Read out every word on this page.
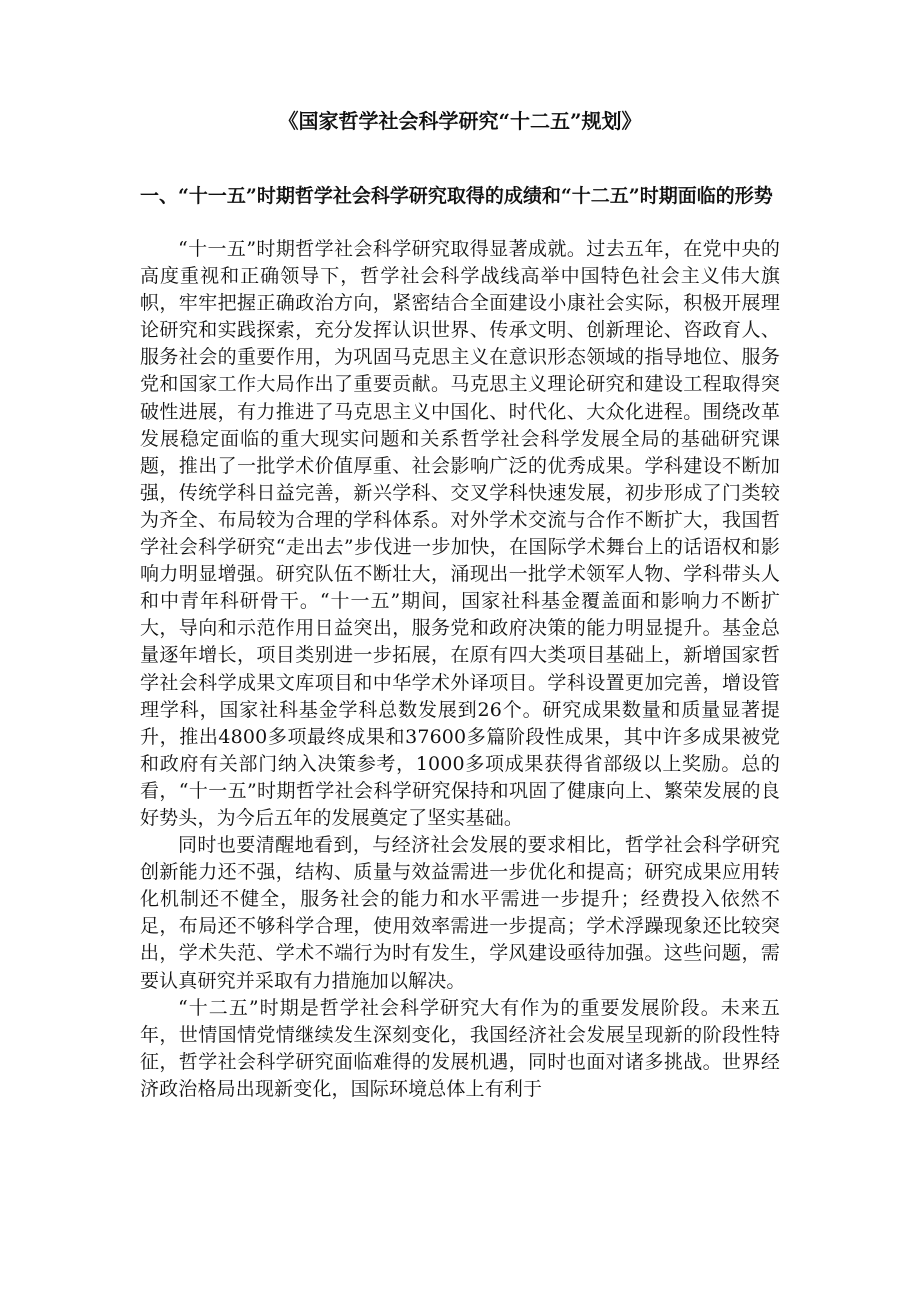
《国家哲学社会科学研究“十二五”规划》
一、“十一五”时期哲学社会科学研究取得的成绩和“十二五”时期面临的形势

“十一五”时期哲学社会科学研究取得显著成就。过去五年，在党中央的高度重视和正确领导下，哲学社会科学战线高举中国特色社会主义伟大旗帜，牢牢把握正确政治方向，紧密结合全面建设小康社会实际，积极开展理论研究和实践探索，充分发挥认识世界、传承文明、创新理论、咨政育人、服务社会的重要作用，为巩固马克思主义在意识形态领域的指导地位、服务党和国家工作大局作出了重要贡献。马克思主义理论研究和建设工程取得突破性进展，有力推进了马克思主义中国化、时代化、大众化进程。围绕改革发展稳定面临的重大现实问题和关系哲学社会科学发展全局的基础研究课题，推出了一批学术价值厚重、社会影响广泛的优秀成果。学科建设不断加强，传统学科日益完善，新兴学科、交叉学科快速发展，初步形成了门类较为齐全、布局较为合理的学科体系。对外学术交流与合作不断扩大，我国哲学社会科学研究“走出去”步伐进一步加快，在国际学术舞台上的话语权和影响力明显增强。研究队伍不断壮大，涌现出一批学术领军人物、学科带头人和中青年科研骨干。“十一五”期间，国家社科基金覆盖面和影响力不断扩大，导向和示范作用日益突出，服务党和政府决策的能力明显提升。基金总量逐年增长，项目类别进一步拓展，在原有四大类项目基础上，新增国家哲学社会科学成果文库项目和中华学术外译项目。学科设置更加完善，增设管理学科，国家社科基金学科总数发展到26个。研究成果数量和质量显著提升，推出4800多项最终成果和37600多篇阶段性成果，其中许多成果被党和政府有关部门纳入决策参考，1000多项成果获得省部级以上奖励。总的看，“十一五”时期哲学社会科学研究保持和巩固了健康向上、繁荣发展的良好势头，为今后五年的发展奠定了坚实基础。

同时也要清醒地看到，与经济社会发展的要求相比，哲学社会科学研究创新能力还不强，结构、质量与效益需进一步优化和提高；研究成果应用转化机制还不健全，服务社会的能力和水平需进一步提升；经费投入依然不足，布局还不够科学合理，使用效率需进一步提高；学术浮躁现象还比较突出，学术失范、学术不端行为时有发生，学风建设亟待加强。这些问题，需要认真研究并采取有力措施加以解决。

“十二五”时期是哲学社会科学研究大有作为的重要发展阶段。未来五年，世情国情党情继续发生深刻变化，我国经济社会发展呈现新的阶段性特征，哲学社会科学研究面临难得的发展机遇，同时也面对诸多挑战。世界经济政治格局出现新变化，国际环境总体上有利于
